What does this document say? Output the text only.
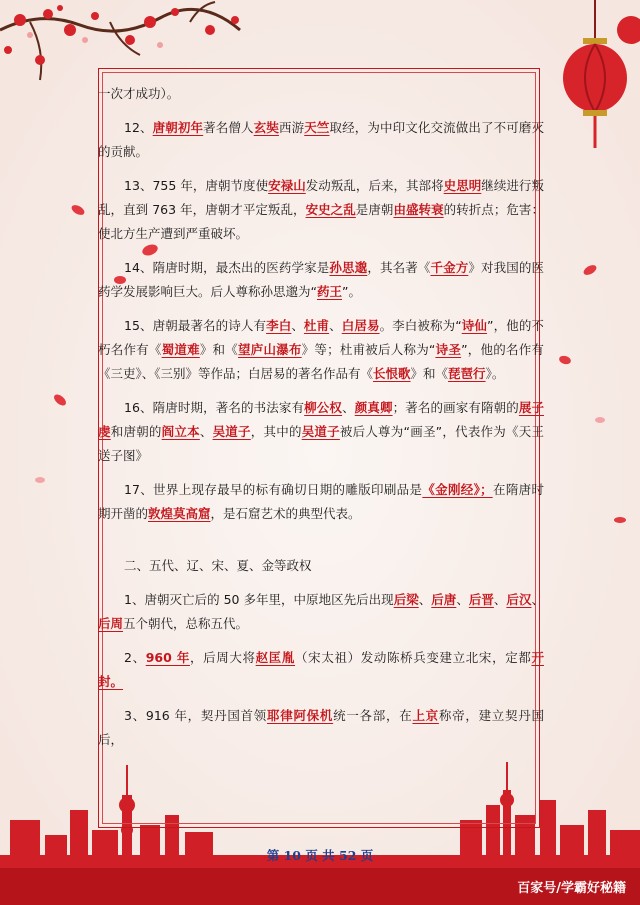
一次才成功）。

12、唐朝初年著名僧人玄奘西游天竺取经，为中印文化交流做出了不可磨灭的贡献。

13、755 年，唐朝节度使安禄山发动叛乱，后来，其部将史思明继续进行叛乱，直到 763 年，唐朝才平定叛乱，安史之乱是唐朝由盛转衰的转折点；危害：使北方生产遭到严重破坏。

14、隋唐时期，最杰出的医药学家是孙思邈，其名著《千金方》对我国的医药学发展影响巨大。后人尊称孙思邈为“药王”。

15、唐朝最著名的诗人有李白、杜甫、白居易。李白被称为“诗仙”，他的不朽名作有《蜀道难》和《望庐山瀑布》等；杜甫被后人称为“诗圣”，他的名作有《三吏》、《三别》等作品；白居易的著名作品有《长恨歌》和《琵琶行》。

16、隋唐时期，著名的书法家有柳公权、颜真卿；著名的画家有隋朝的展子虔和唐朝的阎立本、吴道子，其中的吴道子被后人尊为“画圣”，代表作为《天王送子图》

17、世界上现存最早的标有确切日期的雕版印刷品是《金刚经》；在隋唐时期开凿的敦煌莫高窟，是石窟艺术的典型代表。

二、五代、辽、宋、夏、金等政权

1、唐朝灭亡后的 50 多年里，中原地区先后出现后梁、后唐、后晋、后汉、后周五个朝代，总称五代。

2、960 年，后周大将赵匡胤（宋太祖）发动陈桥兵变建立北宋，定都开封。

3、916 年，契丹国首领耶律阿保机统一各部，在上京称帝，建立契丹国后，

第 10 页 共 52 页
百家号/学霸好秘籍
